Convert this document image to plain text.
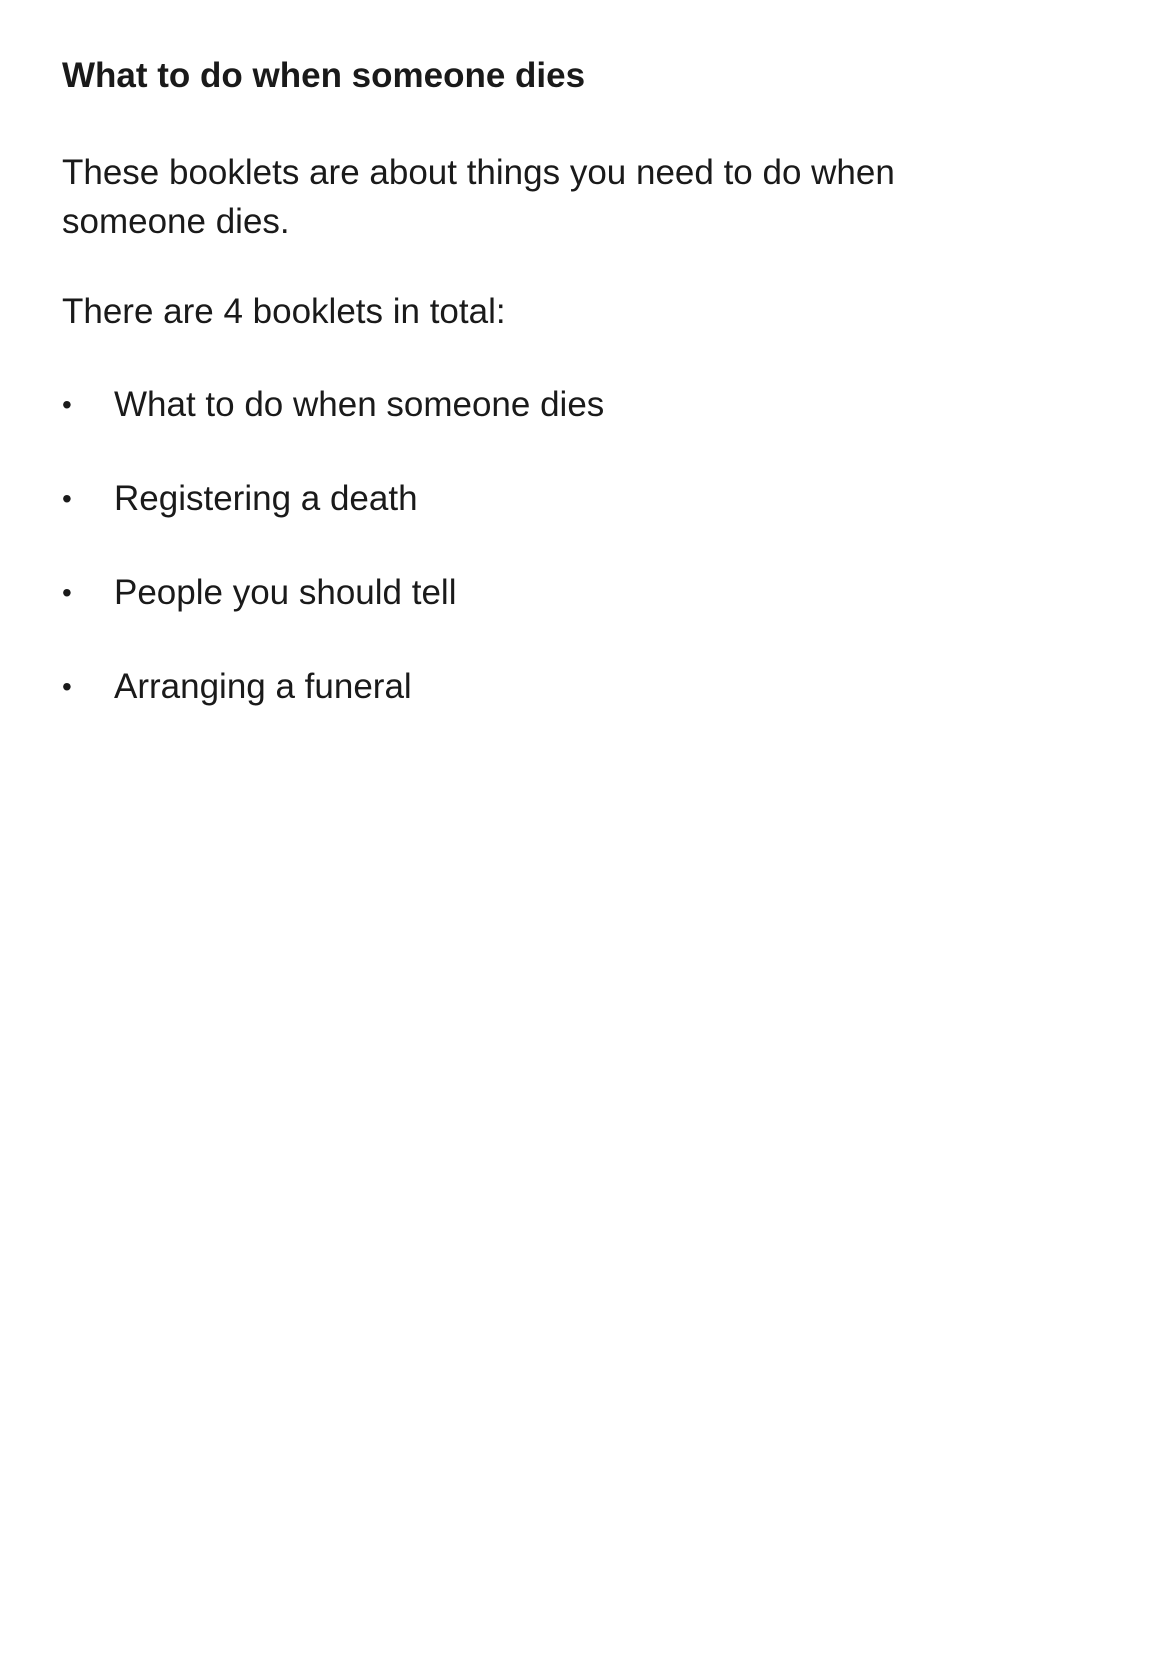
What to do when someone dies

These booklets are about things you need to do when someone dies.

There are 4 booklets in total:

• What to do when someone dies
• Registering a death
• People you should tell
• Arranging a funeral
